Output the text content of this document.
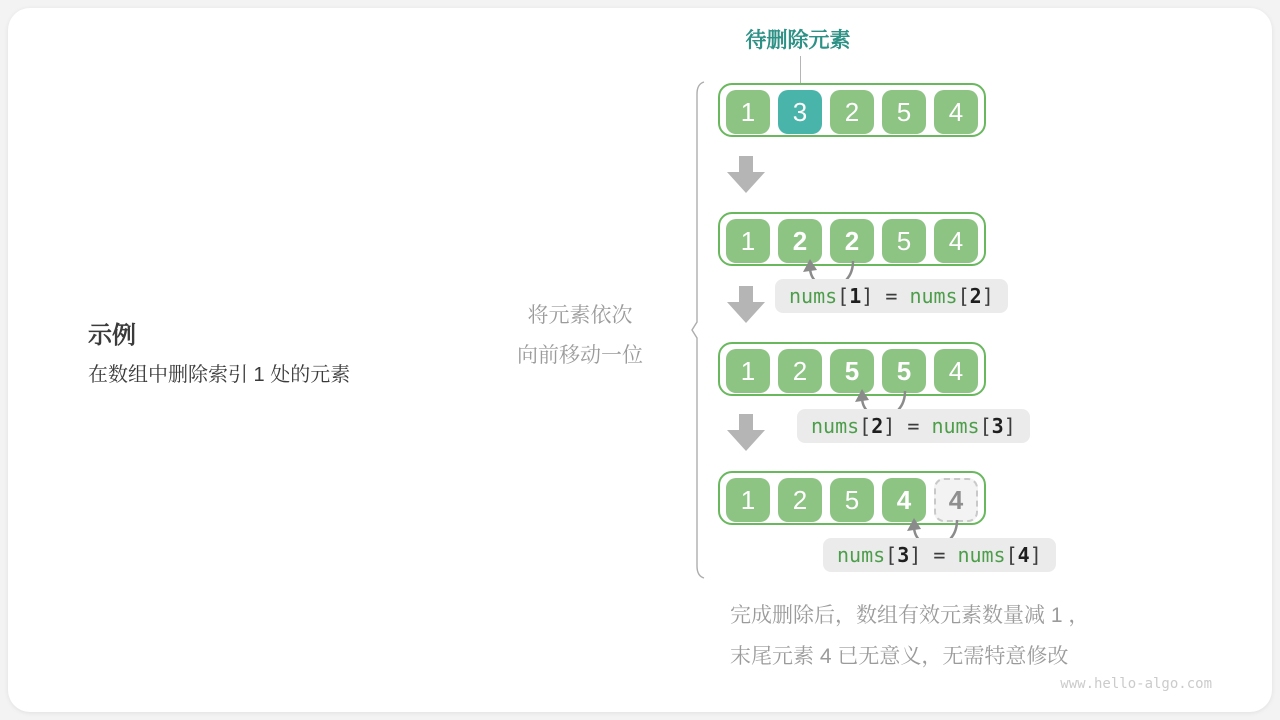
待删除元素
1	3	2	5	4
1	2	2	5	4
1	2	5	5	4
1	2	5	4	4
nums [ 1 ] = nums [ 2 ]
nums [ 2 ] = nums [ 3 ]
nums [ 3 ] = nums [ 4 ]
示例
在数组中删除索引 1 处的元素
将元素依次
向前移动一位
完成删除后，数组有效元素数量减 1 ，
末尾元素 4 已无意义，无需特意修改
www.hello-algo.com
